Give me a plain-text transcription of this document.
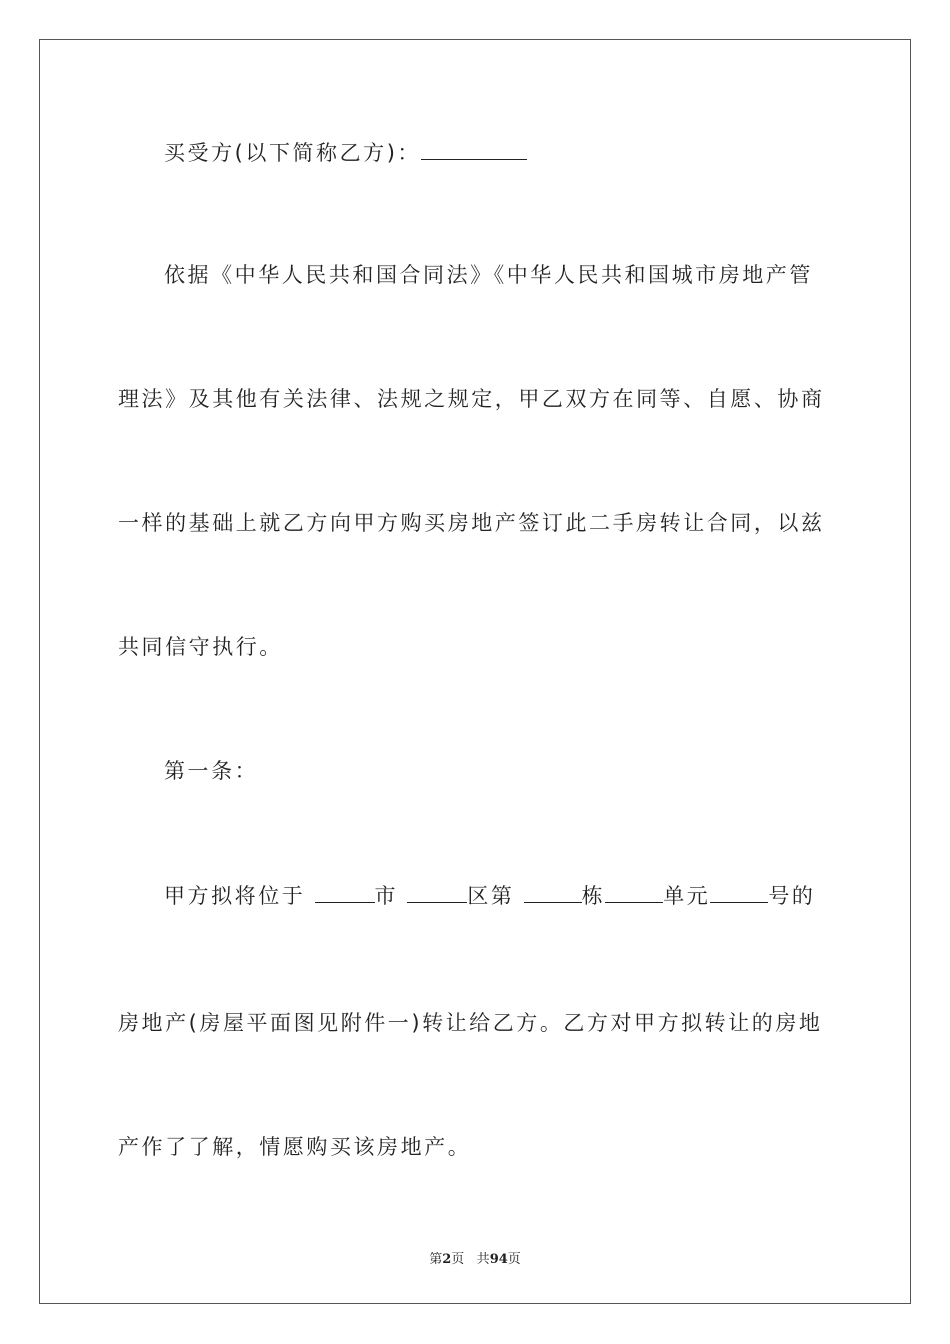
买受方(以下简称乙方)：
依据《中华人民共和国合同法》《中华人民共和国城市房地产管
理法》及其他有关法律、法规之规定，甲乙双方在同等、自愿、协商
一样的基础上就乙方向甲方购买房地产签订此二手房转让合同，以兹
共同信守执行。
第一条：
甲方拟将位于	市	区第	栋	单元	号的
房地产(房屋平面图见附件一)转让给乙方。乙方对甲方拟转让的房地
产作了了解，情愿购买该房地产。
第2页 共94页
